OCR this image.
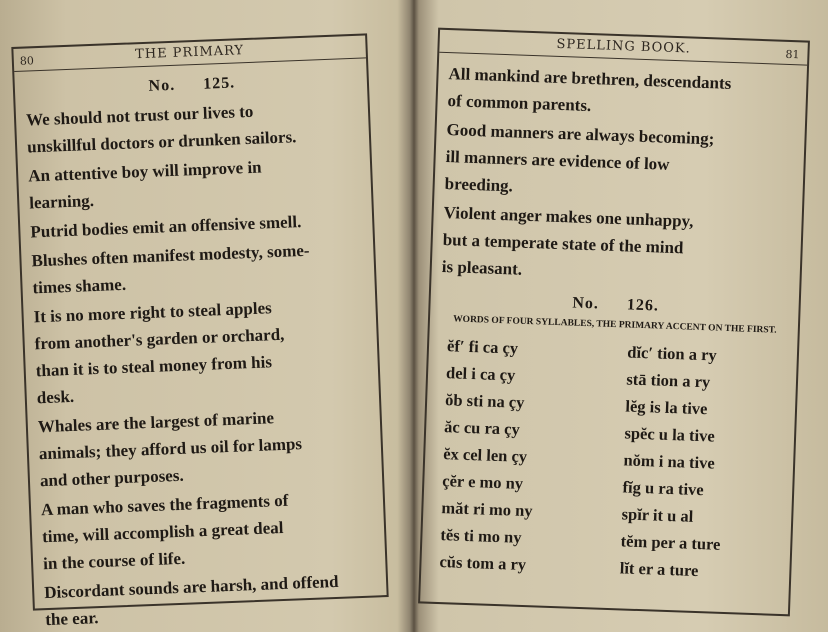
80	THE PRIMARY
No. 125.

We should not trust our lives to
unskillful doctors or drunken sailors.

An attentive boy will improve in
learning.

Putrid bodies emit an offensive smell.

Blushes often manifest modesty, some-
times shame.

It is no more right to steal apples
from another's garden or orchard,
than it is to steal money from his
desk.

Whales are the largest of marine
animals; they afford us oil for lamps
and other purposes.

A man who saves the fragments of
time, will accomplish a great deal
in the course of life.

Discordant sounds are harsh, and offend
the ear.

SPELLING BOOK.	81

All mankind are brethren, descendants
of common parents.

Good manners are always becoming;
ill manners are evidence of low
breeding.

Violent anger makes one unhappy,
but a temperate state of the mind
is pleasant.

No. 126.
WORDS OF FOUR SYLLABLES, THE PRIMARY ACCENT ON THE FIRST.
ĕf′ fi ca çy
del i ca çy
ŏb sti na çy
ăc cu ra çy
ĕx cel len çy
çĕr e mo ny
măt ri mo ny
tĕs ti mo ny
cŭs tom a ry
dĭc′ tion a ry
stā tion a ry
lĕg is la tive
spĕc u la tive
nŏm i na tive
fĭg u ra tive
spĭr it u al
tĕm per a ture
lĭt er a ture
